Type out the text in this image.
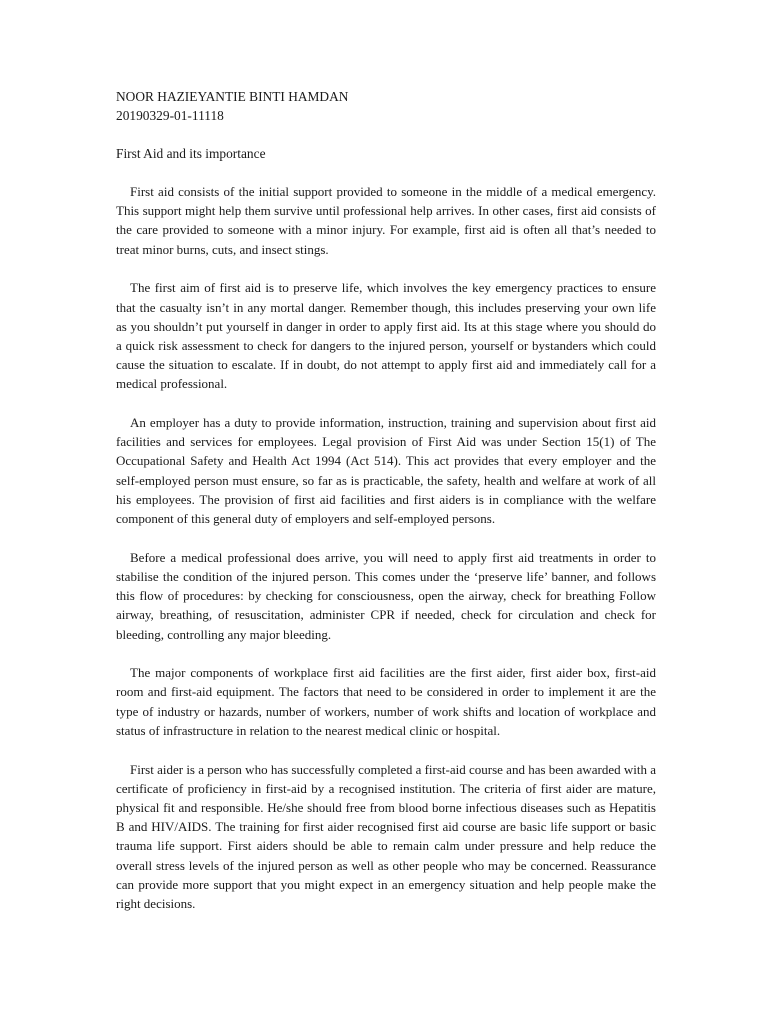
NOOR HAZIEYANTIE BINTI HAMDAN

20190329-01-11118

First Aid and its importance

First aid consists of the initial support provided to someone in the middle of a medical emergency. This support might help them survive until professional help arrives. In other cases, first aid consists of the care provided to someone with a minor injury. For example, first aid is often all that’s needed to treat minor burns, cuts, and insect stings.

The first aim of first aid is to preserve life, which involves the key emergency practices to ensure that the casualty isn’t in any mortal danger. Remember though, this includes preserving your own life as you shouldn’t put yourself in danger in order to apply first aid. Its at this stage where you should do a quick risk assessment to check for dangers to the injured person, yourself or bystanders which could cause the situation to escalate. If in doubt, do not attempt to apply first aid and immediately call for a medical professional.

An employer has a duty to provide information, instruction, training and supervision about first aid facilities and services for employees. Legal provision of First Aid was under Section 15(1) of The Occupational Safety and Health Act 1994 (Act 514). This act provides that every employer and the self-employed person must ensure, so far as is practicable, the safety, health and welfare at work of all his employees. The provision of first aid facilities and first aiders is in compliance with the welfare component of this general duty of employers and self-employed persons.

Before a medical professional does arrive, you will need to apply first aid treatments in order to stabilise the condition of the injured person. This comes under the ‘preserve life’ banner, and follows this flow of procedures: by checking for consciousness, open the airway, check for breathing Follow airway, breathing, of resuscitation, administer CPR if needed, check for circulation and check for bleeding, controlling any major bleeding.

The major components of workplace first aid facilities are the first aider, first aider box, first-aid room and first-aid equipment. The factors that need to be considered in order to implement it are the type of industry or hazards, number of workers, number of work shifts and location of workplace and status of infrastructure in relation to the nearest medical clinic or hospital.

First aider is a person who has successfully completed a first-aid course and has been awarded with a certificate of proficiency in first-aid by a recognised institution. The criteria of first aider are mature, physical fit and responsible. He/she should free from blood borne infectious diseases such as Hepatitis B and HIV/AIDS. The training for first aider recognised first aid course are basic life support or basic trauma life support. First aiders should be able to remain calm under pressure and help reduce the overall stress levels of the injured person as well as other people who may be concerned. Reassurance can provide more support that you might expect in an emergency situation and help people make the right decisions.
